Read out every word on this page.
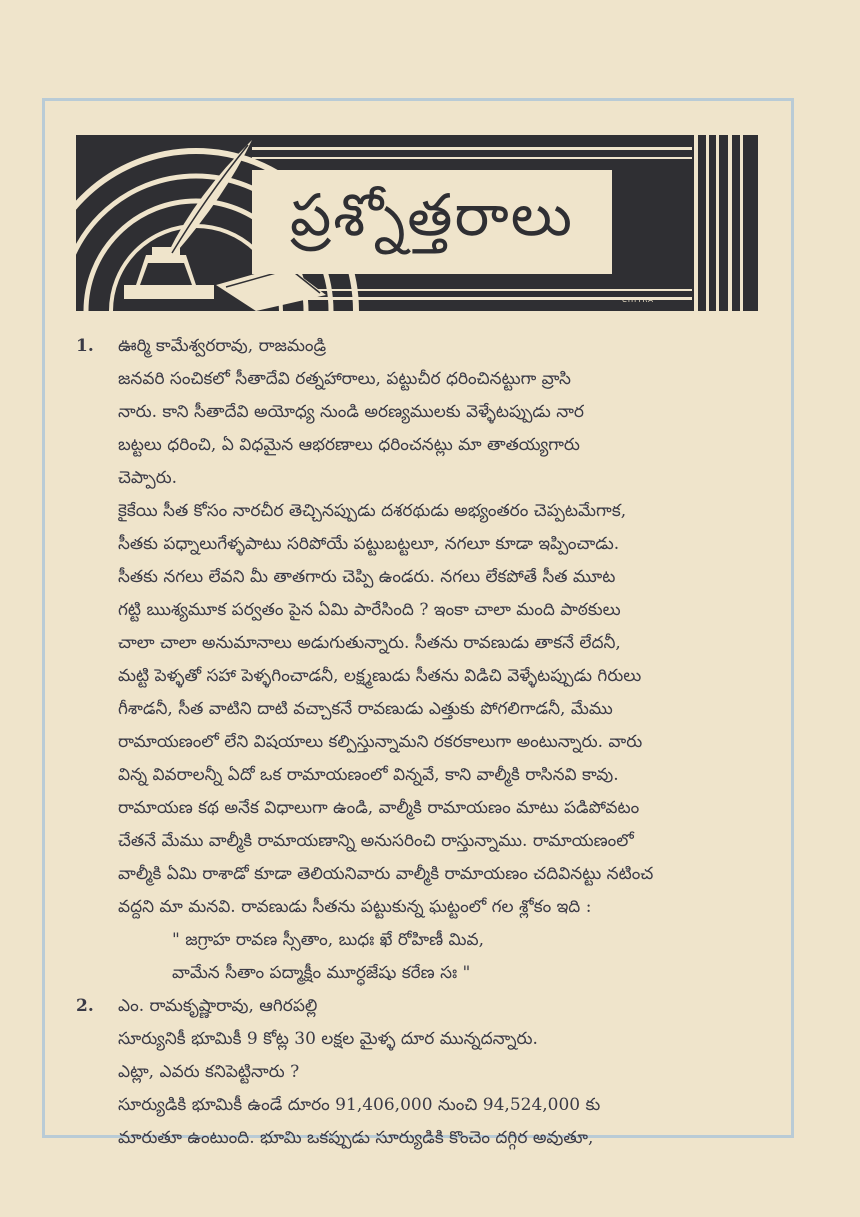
ప్రశ్నోత్తరాలు
CHITRA
1.	ఊర్మి కామేశ్వరరావు, రాజమండ్రి

జనవరి సంచికలో సీతాదేవి రత్నహారాలు, పట్టుచీర ధరించినట్టుగా వ్రాసి
నారు. కాని సీతాదేవి అయోధ్య నుండి అరణ్యములకు వెళ్ళేటప్పుడు నార
బట్టలు ధరించి, ఏ విధమైన ఆభరణాలు ధరించనట్లు మా తాతయ్యగారు
చెప్పారు.

కైకేయి సీత కోసం నారచీర తెచ్చినప్పుడు దశరథుడు అభ్యంతరం చెప్పటమేగాక,
సీతకు పధ్నాలుగేళ్ళపాటు సరిపోయే పట్టుబట్టలూ, నగలూ కూడా ఇప్పించాడు.
సీతకు నగలు లేవని మీ తాతగారు చెప్పి ఉండరు. నగలు లేకపోతే సీత మూట
గట్టి ఋశ్యమూక పర్వతం పైన ఏమి పారేసింది ? ఇంకా చాలా మంది పాఠకులు
చాలా చాలా అనుమానాలు అడుగుతున్నారు. సీతను రావణుడు తాకనే లేదనీ,
మట్టి పెళ్ళతో సహా పెళ్ళగించాడనీ, లక్ష్మణుడు సీతను విడిచి వెళ్ళేటప్పుడు గిరులు
గీశాడనీ, సీత వాటిని దాటి వచ్చాకనే రావణుడు ఎత్తుకు పోగలిగాడనీ, మేము
రామాయణంలో లేని విషయాలు కల్పిస్తున్నామని రకరకాలుగా అంటున్నారు. వారు
విన్న వివరాలన్నీ ఏదో ఒక రామాయణంలో విన్నవే, కాని వాల్మీకి రాసినవి కావు.
రామాయణ కథ అనేక విధాలుగా ఉండి, వాల్మీకి రామాయణం మాటు పడిపోవటం
చేతనే మేము వాల్మీకి రామాయణాన్ని అనుసరించి రాస్తున్నాము. రామాయణంలో
వాల్మీకి ఏమి రాశాడో కూడా తెలియనివారు వాల్మీకి రామాయణం చదివినట్టు నటించ
వద్దని మా మనవి. రావణుడు సీతను పట్టుకున్న ఘట్టంలో గల శ్లోకం ఇది :

" జగ్రాహ రావణ స్సీతాం, బుధః ఖే రోహిణీ మివ,
వామేన సీతాం పద్మాక్షీం మూర్ధజేషు కరేణ సః "

2.	ఎం. రామకృష్ణారావు, ఆగిరపల్లి

సూర్యునికీ భూమికీ 9 కోట్ల 30 లక్షల మైళ్ళ దూర మున్నదన్నారు.
ఎట్లా, ఎవరు కనిపెట్టినారు ?

సూర్యుడికి భూమికీ ఉండే దూరం 91,406,000 నుంచి 94,524,000 కు
మారుతూ ఉంటుంది. భూమి ఒకప్పుడు సూర్యుడికి కొంచెం దగ్గిర అవుతూ,
